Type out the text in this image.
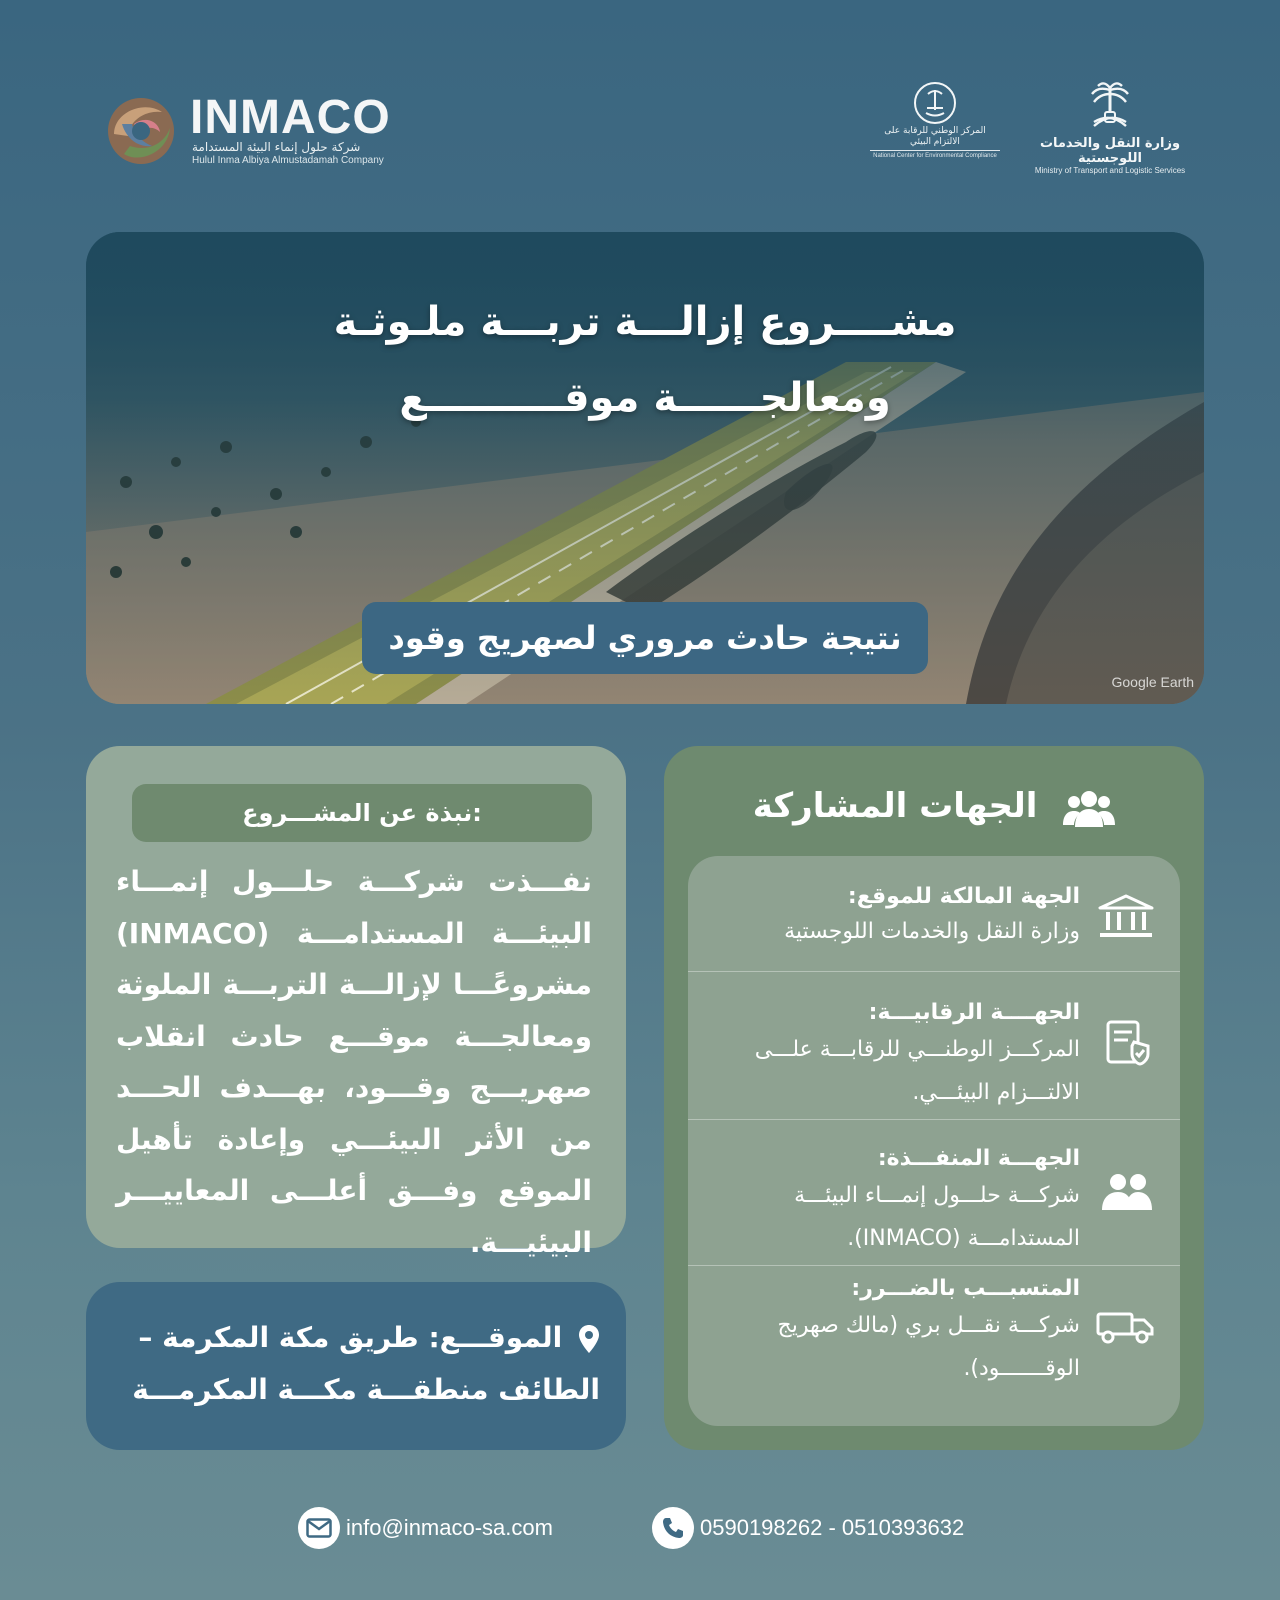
INMACO
شركة حلول إنماء البيئة المستدامة
Hulul Inma Albiya Almustadamah Company
المركز الوطني للرقابة على الالتزام البيئي
National Center for Environmental Compliance
وزارة النقل والخدمات اللوجستية
Ministry of Transport and Logistic Services
مشــــروع إزالـــة تربـــة ملـوثـة
ومعالجــــــة موقــــــــــع
نتيجة حادث مروري لصهريج وقود
Google Earth
نبذة عن المشـــروع:
نفـــذت شركـــة حلـــول إنمـــاء البيئـــة المستدامـــة (INMACO) مشروعًـــا لإزالـــة التربـــة الملوثة ومعالجـــة موقـــع حادث انقلاب صهريـــج وقـــود، بهـــدف الحـــد من الأثر البيئـــي وإعادة تأهيل الموقع وفـــق أعلـــى المعاييـــر البيئيـــة.
الموقـــع: طريق مكة المكرمة – الطائف منطقـــة مكـــة المكرمـــة
الجهات المشاركة
الجهة المالكة للموقع:
وزارة النقل والخدمات اللوجستية
الجهــــة الرقابيـــة:
المركـــز الوطنـــي للرقابـــة علـــى الالتـــزام البيئـــي.
الجهـــة المنفـــذة:
شركـــة حلـــول إنمـــاء البيئـــة المستدامـــة (INMACO).
المتسبـــب بالضـــرر:
شركـــة نقـــل بري (مالك صهريج الوقـــــــود).
info@inmaco-sa.com	0590198262 - 0510393632
